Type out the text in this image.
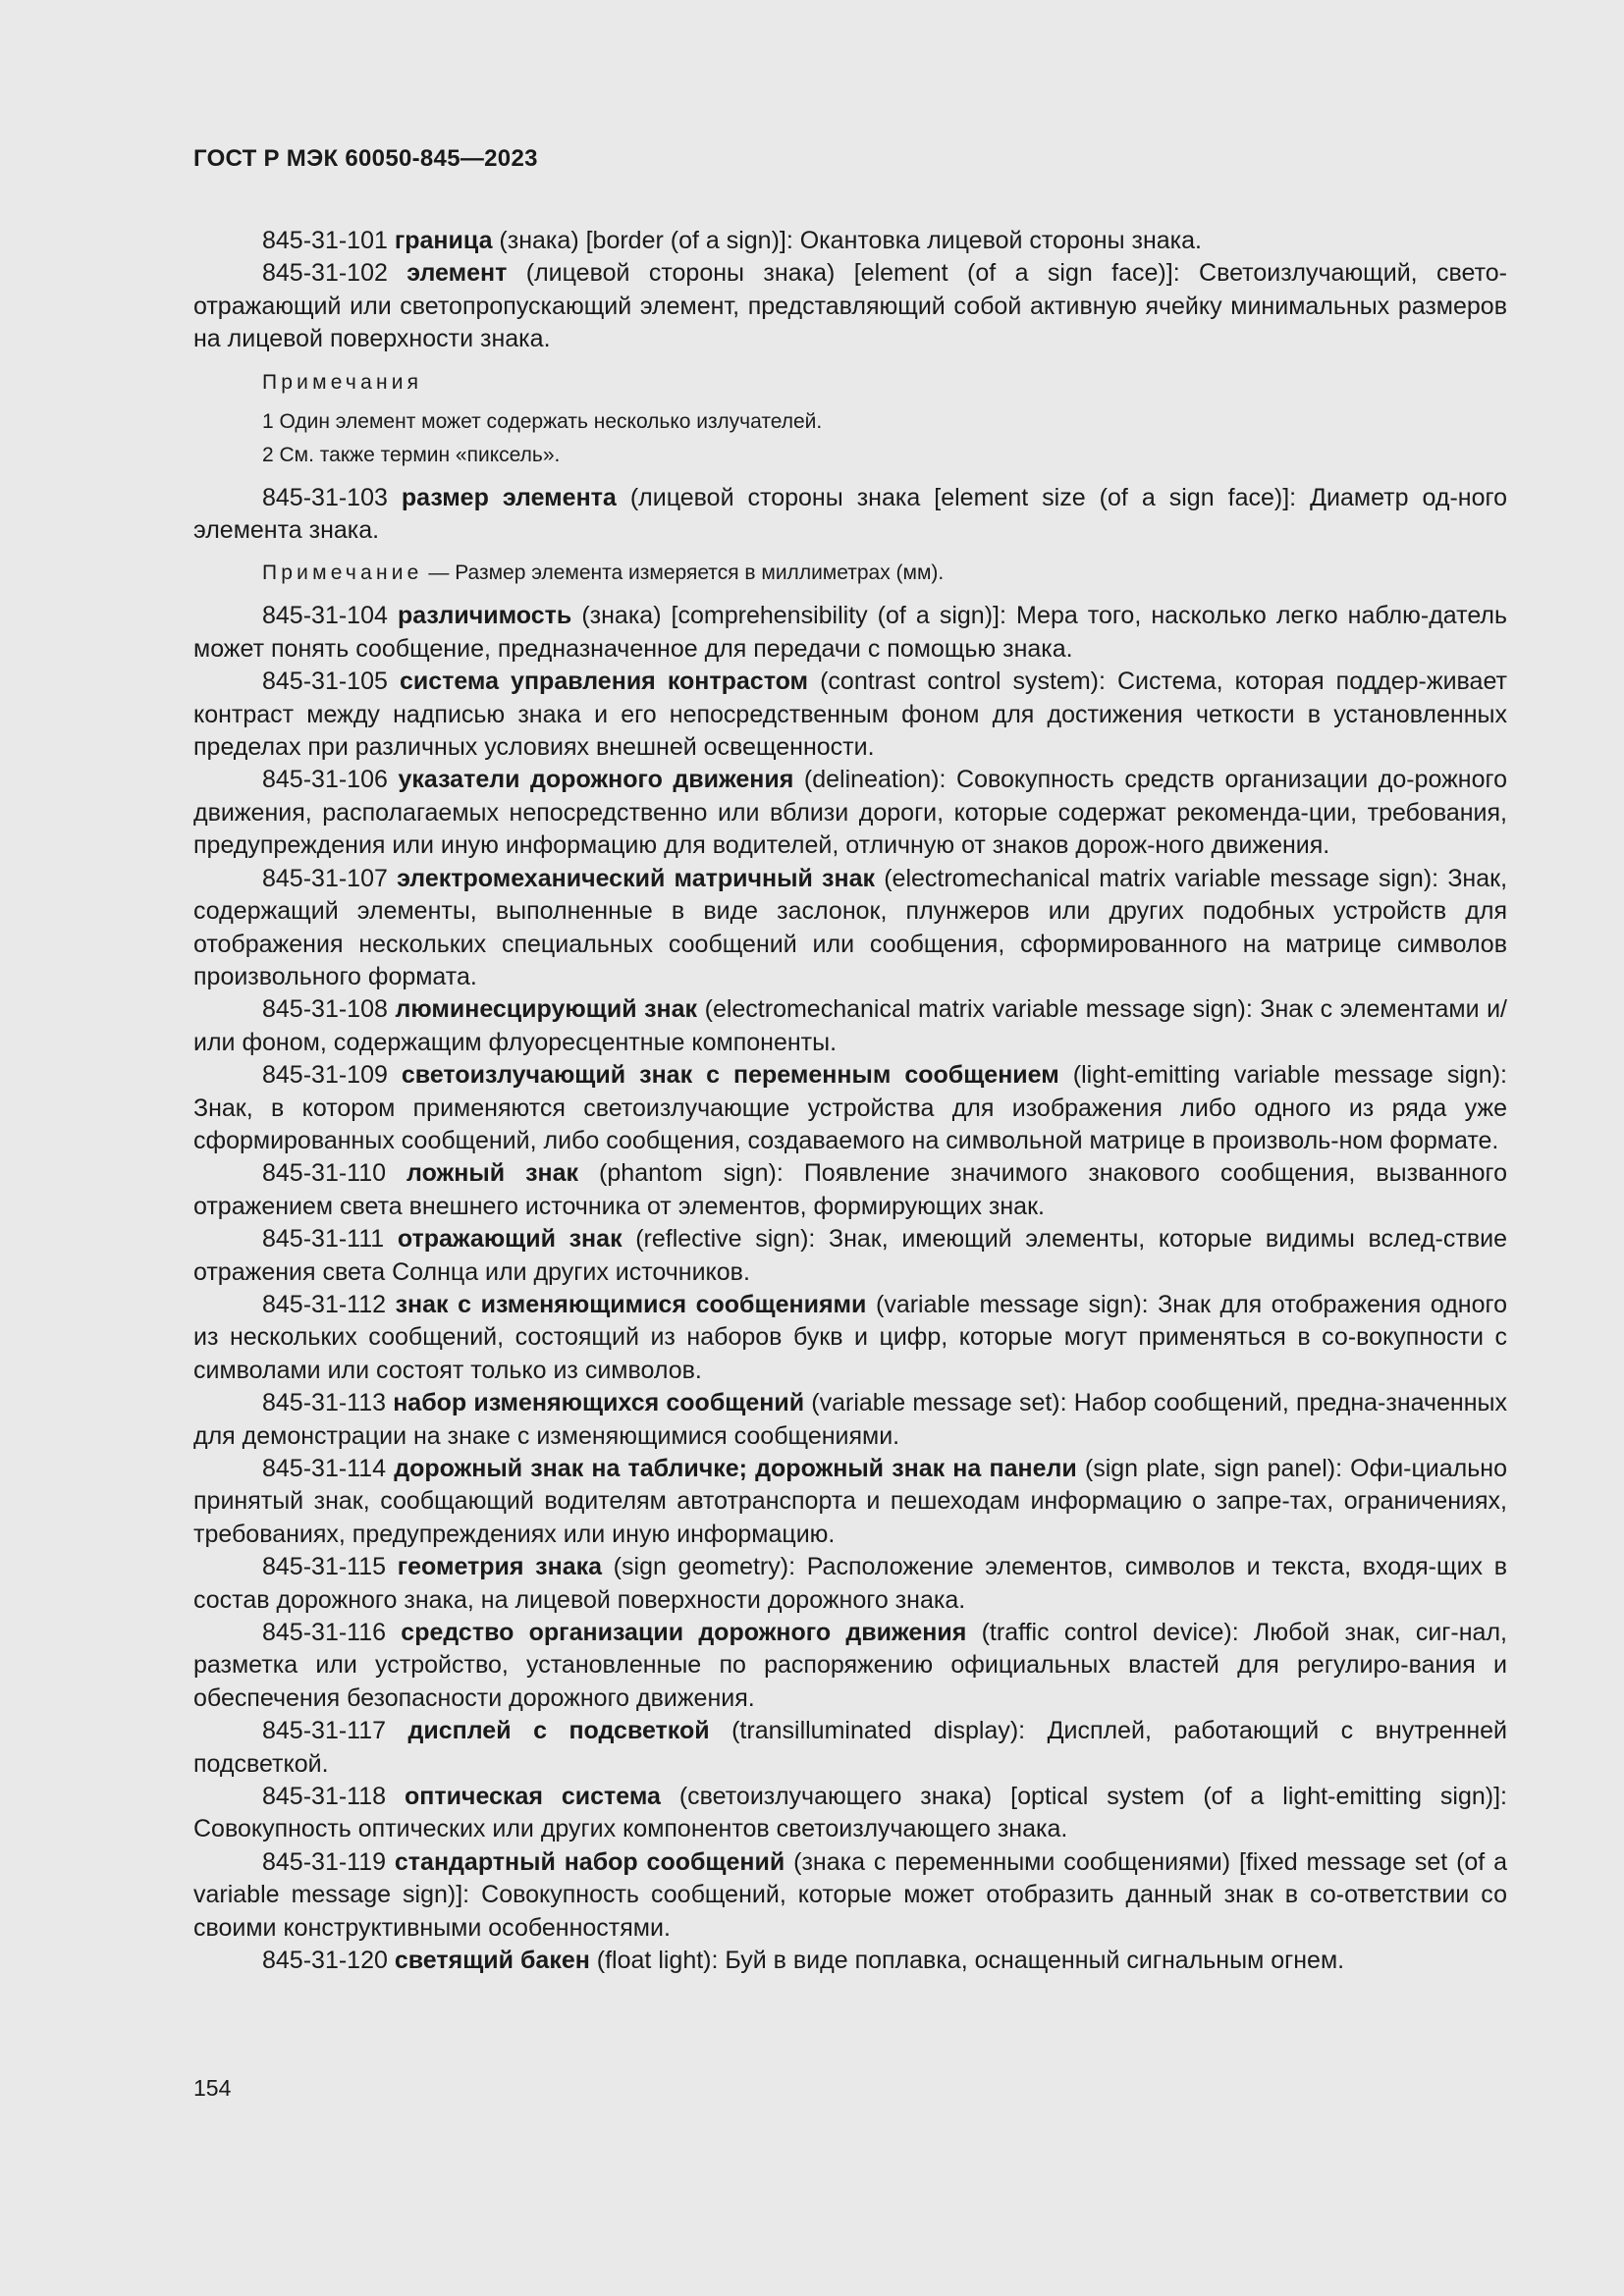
ГОСТ Р МЭК 60050-845—2023

845-31-101 граница (знака) [border (of a sign)]: Окантовка лицевой стороны знака.

845-31-102 элемент (лицевой стороны знака) [element (of a sign face)]: Светоизлучающий, свето-отражающий или светопропускающий элемент, представляющий собой активную ячейку минимальных размеров на лицевой поверхности знака.

Примечания

1 Один элемент может содержать несколько излучателей.

2 См. также термин «пиксель».

845-31-103 размер элемента (лицевой стороны знака [element size (of a sign face)]: Диаметр од-ного элемента знака.

Примечание — Размер элемента измеряется в миллиметрах (мм).

845-31-104 различимость (знака) [comprehensibility (of a sign)]: Мера того, насколько легко наблю-датель может понять сообщение, предназначенное для передачи с помощью знака.

845-31-105 система управления контрастом (contrast control system): Система, которая поддер-живает контраст между надписью знака и его непосредственным фоном для достижения четкости в установленных пределах при различных условиях внешней освещенности.

845-31-106 указатели дорожного движения (delineation): Совокупность средств организации до-рожного движения, располагаемых непосредственно или вблизи дороги, которые содержат рекоменда-ции, требования, предупреждения или иную информацию для водителей, отличную от знаков дорож-ного движения.

845-31-107 электромеханический матричный знак (electromechanical matrix variable message sign): Знак, содержащий элементы, выполненные в виде заслонок, плунжеров или других подобных устройств для отображения нескольких специальных сообщений или сообщения, сформированного на матрице символов произвольного формата.

845-31-108 люминесцирующий знак (electromechanical matrix variable message sign): Знак с элементами и/или фоном, содержащим флуоресцентные компоненты.

845-31-109 светоизлучающий знак с переменным сообщением (light-emitting variable message sign): Знак, в котором применяются светоизлучающие устройства для изображения либо одного из ряда уже сформированных сообщений, либо сообщения, создаваемого на символьной матрице в произволь-ном формате.

845-31-110 ложный знак (phantom sign): Появление значимого знакового сообщения, вызванного отражением света внешнего источника от элементов, формирующих знак.

845-31-111 отражающий знак (reflective sign): Знак, имеющий элементы, которые видимы вслед-ствие отражения света Солнца или других источников.

845-31-112 знак с изменяющимися сообщениями (variable message sign): Знак для отображения одного из нескольких сообщений, состоящий из наборов букв и цифр, которые могут применяться в со-вокупности с символами или состоят только из символов.

845-31-113 набор изменяющихся сообщений (variable message set): Набор сообщений, предна-значенных для демонстрации на знаке с изменяющимися сообщениями.

845-31-114 дорожный знак на табличке; дорожный знак на панели (sign plate, sign panel): Офи-циально принятый знак, сообщающий водителям автотранспорта и пешеходам информацию о запре-тах, ограничениях, требованиях, предупреждениях или иную информацию.

845-31-115 геометрия знака (sign geometry): Расположение элементов, символов и текста, входя-щих в состав дорожного знака, на лицевой поверхности дорожного знака.

845-31-116 средство организации дорожного движения (traffic control device): Любой знак, сиг-нал, разметка или устройство, установленные по распоряжению официальных властей для регулиро-вания и обеспечения безопасности дорожного движения.

845-31-117 дисплей с подсветкой (transilluminated display): Дисплей, работающий с внутренней подсветкой.

845-31-118 оптическая система (светоизлучающего знака) [optical system (of a light-emitting sign)]: Совокупность оптических или других компонентов светоизлучающего знака.

845-31-119 стандартный набор сообщений (знака с переменными сообщениями) [fixed message set (of a variable message sign)]: Совокупность сообщений, которые может отобразить данный знак в со-ответствии со своими конструктивными особенностями.

845-31-120 светящий бакен (float light): Буй в виде поплавка, оснащенный сигнальным огнем.

154
